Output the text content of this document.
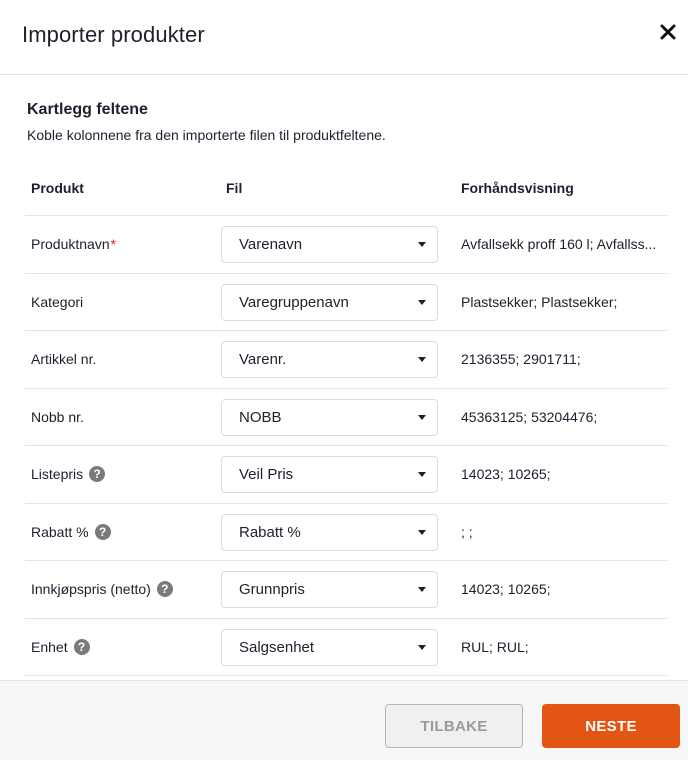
Importer produkter
Kartlegg feltene
Koble kolonnene fra den importerte filen til produktfeltene.
Produkt	Fil	Forhåndsvisning
Produktnavn *	Varenavn	Avfallsekk proff 160 l; Avfallss...
Kategori	Varegruppenavn	Plastsekker; Plastsekker;
Artikkel nr.	Varenr.	2136355; 2901711;
Nobb nr.	NOBB	45363125; 53204476;
Listepris ?	Veil Pris	14023; 10265;
Rabatt % ?	Rabatt %	; ;
Innkjøpspris (netto) ?	Grunnpris	14023; 10265;
Enhet ?	Salgsenhet	RUL; RUL;
TILBAKE	NESTE
